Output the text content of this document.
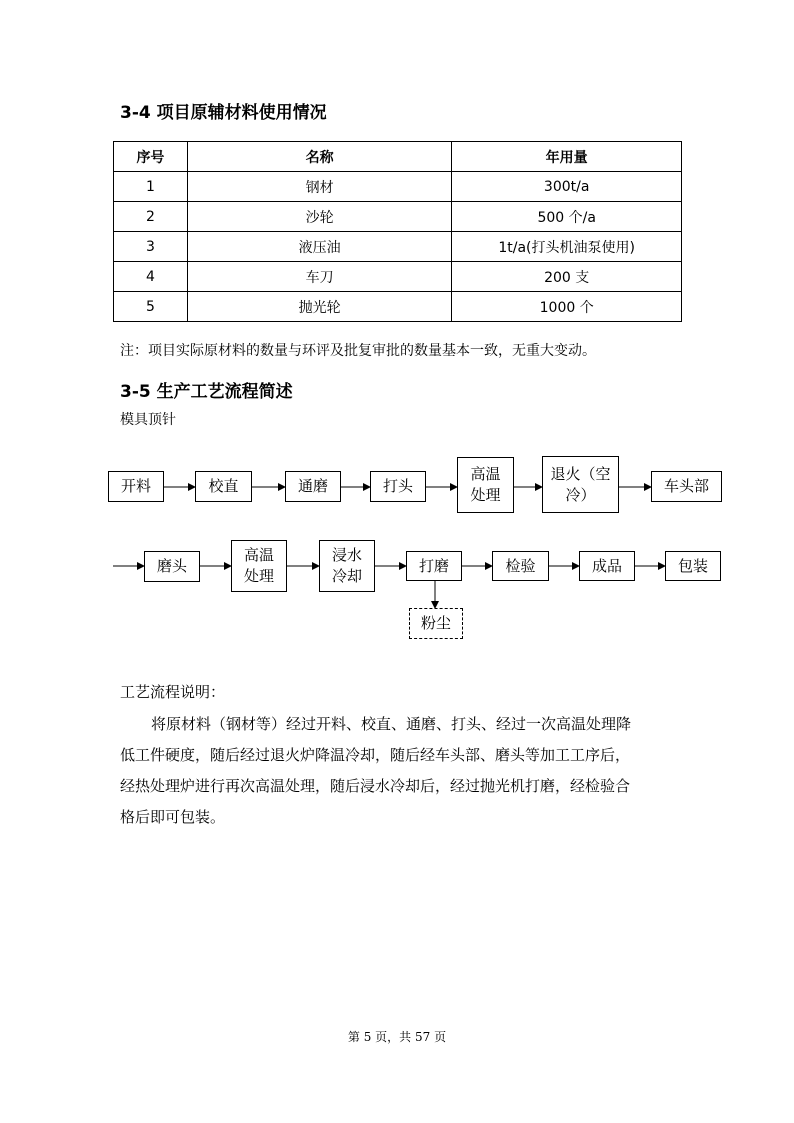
3-4 项目原辅材料使用情况
序号	名称	年用量
1	钢材	300t/a
2	沙轮	500 个/a
3	液压油	1t/a(打头机油泵使用)
4	车刀	200 支
5	抛光轮	1000 个
注：项目实际原材料的数量与环评及批复审批的数量基本一致，无重大变动。
3-5 生产工艺流程简述
模具顶针
开料	校直	通磨	打头
高温处理
退火（空冷）	车头部
磨头
高温处理
浸水冷却
打磨	检验	成品	包装
粉尘
工艺流程说明：
将原材料（钢材等）经过开料、校直、通磨、打头、经过一次高温处理降
低工件硬度，随后经过退火炉降温冷却，随后经车头部、磨头等加工工序后，
经热处理炉进行再次高温处理，随后浸水冷却后，经过抛光机打磨，经检验合
格后即可包装。
第 5 页，共 57 页
